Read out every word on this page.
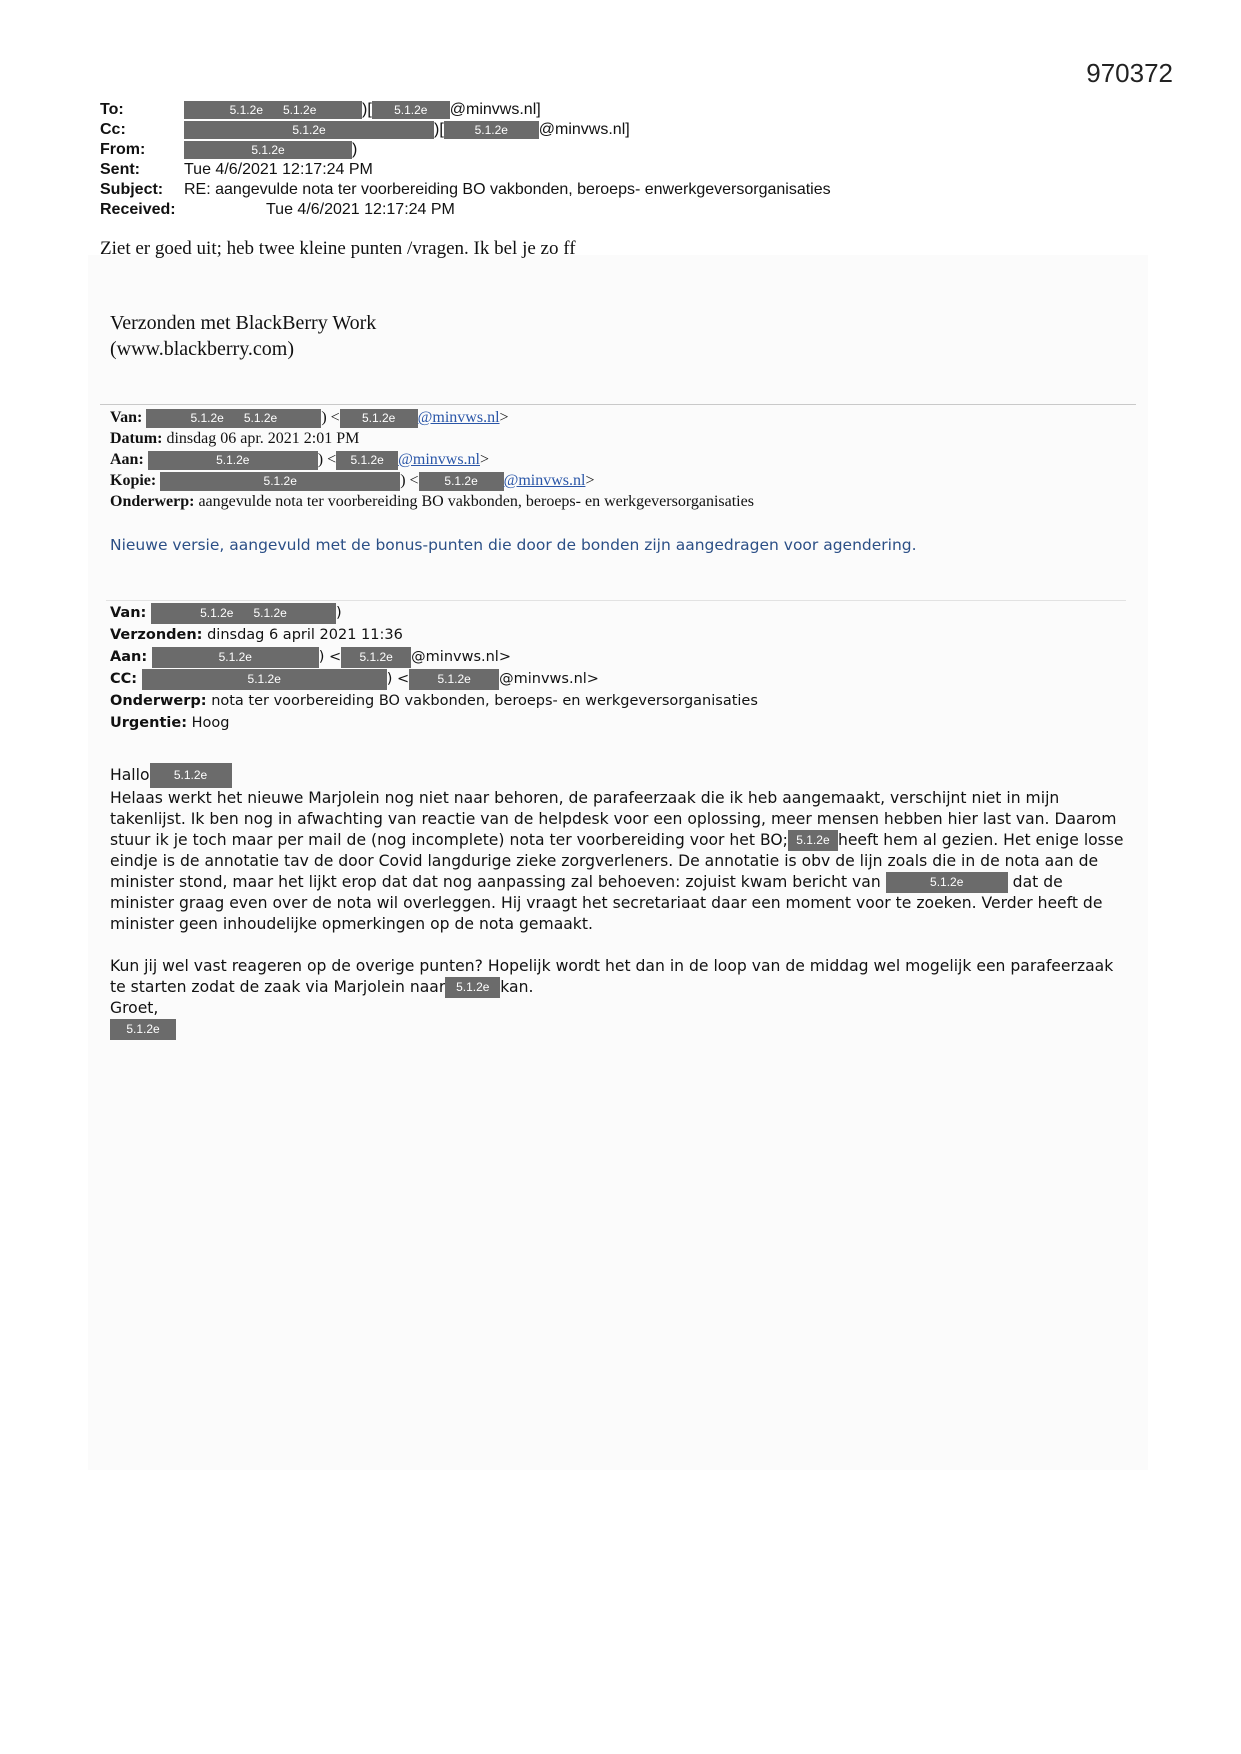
970372
To:	5.1.2e 5.1.2e	)[ 5.1.2e @minvws.nl]
Cc:	5.1.2e	)[	5.1.2e @minvws.nl]
From:	5.1.2e	)
Sent:	Tue 4/6/2021 12:17:24 PM
Subject: RE: aangevulde nota ter voorbereiding BO vakbonden, beroeps- enwerkgeversorganisaties
Received:	Tue 4/6/2021 12:17:24 PM
Ziet er goed uit; heb twee kleine punten /vragen. Ik bel je zo ff
Verzonden met BlackBerry Work
(www.blackberry.com)
Van:	5.1.2e 5.1.2e	) < 5.1.2e @minvws.nl>
Datum: dinsdag 06 apr. 2021 2:01 PM
Aan:	5.1.2e	) < 5.1.2e @minvws.nl>
Kopie:	5.1.2e	) < 5.1.2e @minvws.nl>
Onderwerp: aangevulde nota ter voorbereiding BO vakbonden, beroeps- en werkgeversorganisaties
Nieuwe versie, aangevuld met de bonus-punten die door de bonden zijn aangedragen voor agendering.
Van:	5.1.2e 5.1.2e	)
Verzonden: dinsdag 6 april 2021 11:36
Aan:	5.1.2e	) < 5.1.2e @minvws.nl>
CC:	5.1.2e	) < 5.1.2e @minvws.nl>
Onderwerp: nota ter voorbereiding BO vakbonden, beroeps- en werkgeversorganisaties
Urgentie: Hoog

Hallo 5.1.2e

Helaas werkt het nieuwe Marjolein nog niet naar behoren, de parafeerzaak die ik heb aangemaakt, verschijnt niet in mijn takenlijst. Ik ben nog in afwachting van reactie van de helpdesk voor een oplossing, meer mensen hebben hier last van. Daarom stuur ik je toch maar per mail de (nog incomplete) nota ter voorbereiding voor het BO; 5.1.2e heeft hem al gezien. Het enige losse eindje is de annotatie tav de door Covid langdurige zieke zorgverleners. De annotatie is obv de lijn zoals die in de nota aan de minister stond, maar het lijkt erop dat dat nog aanpassing zal behoeven: zojuist kwam bericht van	5.1.2e	dat de minister graag even over de nota wil overleggen. Hij vraagt het secretariaat daar een moment voor te zoeken. Verder heeft de minister geen inhoudelijke opmerkingen op de nota gemaakt.

Kun jij wel vast reageren op de overige punten? Hopelijk wordt het dan in de loop van de middag wel mogelijk een parafeerzaak te starten zodat de zaak via Marjolein naar 5.1.2e kan.

Groet,

5.1.2e
